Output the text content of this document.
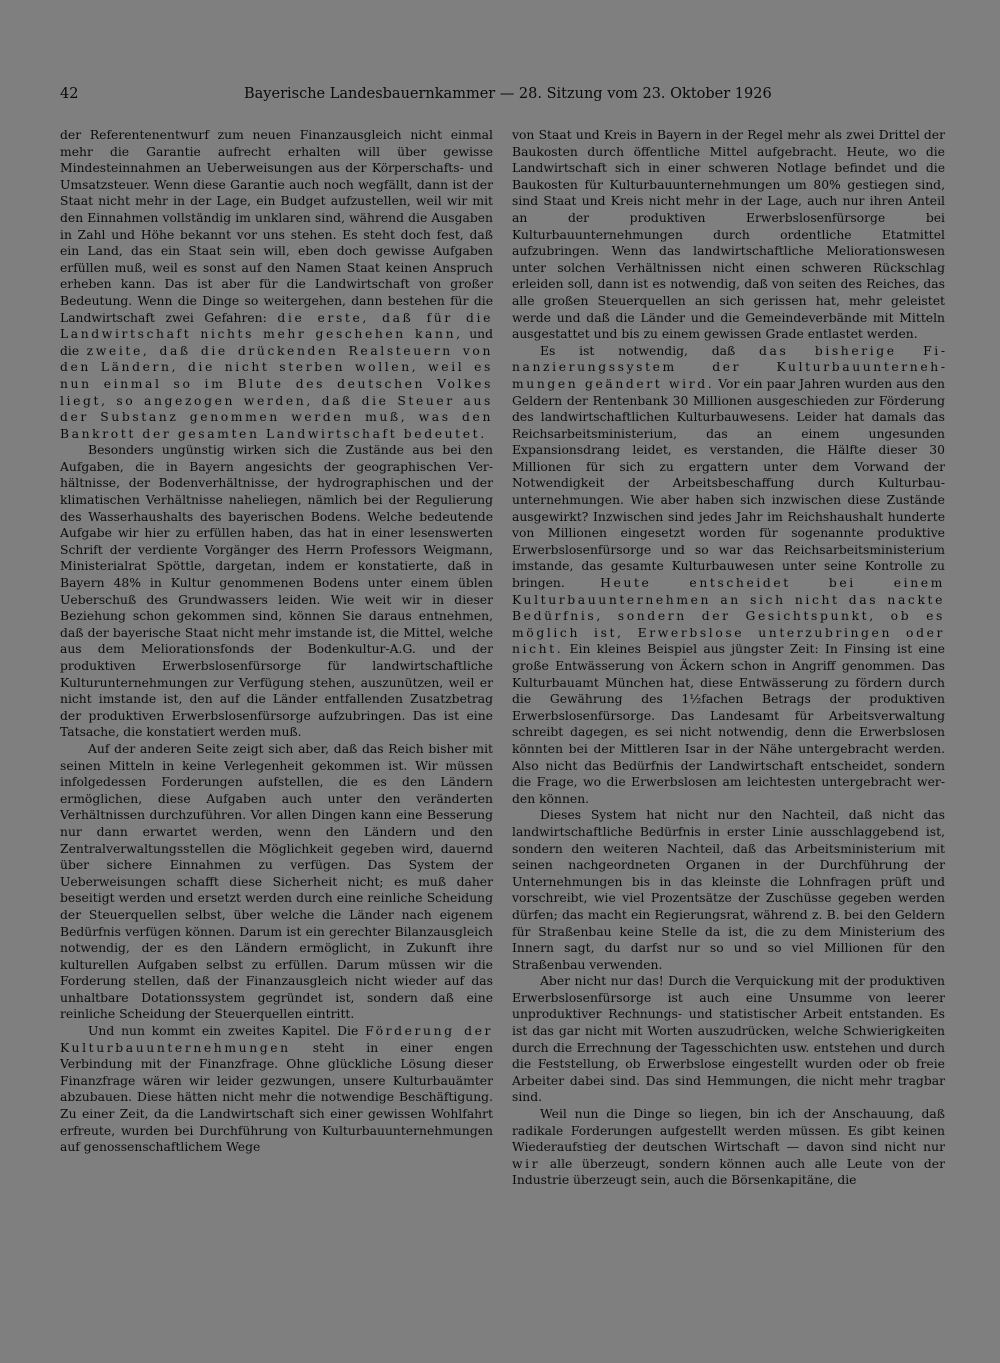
42	Bayerische Landesbauernkammer — 28. Sitzung vom 23. Oktober 1926

der Referentenentwurf zum neuen Finanzausgleich nicht einmal mehr die Garantie aufrecht erhalten will über gewisse Mindesteinnahmen an Ueberweisungen aus der Körperschafts- und Umsatzsteuer. Wenn diese Garantie auch noch wegfällt, dann ist der Staat nicht mehr in der Lage, ein Budget aufzustellen, weil wir mit den Einnahmen vollständig im unklaren sind, während die Ausgaben in Zahl und Höhe bekannt vor uns stehen. Es steht doch fest, daß ein Land, das ein Staat sein will, eben doch gewisse Aufgaben erfüllen muß, weil es sonst auf den Namen Staat keinen Anspruch erheben kann. Das ist aber für die Landwirtschaft von großer Bedeutung. Wenn die Dinge so weitergehen, dann bestehen für die Landwirtschaft zwei Gefahren: die erste, daß für die Landwirtschaft nichts mehr geschehen kann, und die zweite, daß die drückenden Realsteuern von den Ländern, die nicht sterben wollen, weil es nun einmal so im Blute des deutschen Volkes liegt, so angezogen werden, daß die Steuer aus der Substanz genommen werden muß, was den Bankrott der gesamten Landwirtschaft bedeutet.

Besonders ungünstig wirken sich die Zustände aus bei den Aufgaben, die in Bayern angesichts der geographischen Verhältnisse, der Bodenverhältnisse, der hydrographischen und der klimatischen Verhältnisse naheliegen, nämlich bei der Regulierung des Wasserhaushalts des bayerischen Bodens. Welche bedeutende Aufgabe wir hier zu erfüllen haben, das hat in einer lesenswerten Schrift der verdiente Vorgänger des Herrn Professors Weigmann, Ministerialrat Spöttle, dargetan, indem er konstatierte, daß in Bayern 48% in Kultur genommenen Bodens unter einem üblen Ueberschuß des Grundwassers leiden. Wie weit wir in dieser Beziehung schon gekommen sind, können Sie daraus entnehmen, daß der bayerische Staat nicht mehr imstande ist, die Mittel, welche aus dem Meliorationsfonds der Bodenkultur-A.G. und der produktiven Erwerbslosenfürsorge für landwirtschaftliche Kulturunternehmungen zur Verfügung stehen, auszunützen, weil er nicht imstande ist, den auf die Länder entfallenden Zusatzbetrag der produktiven Erwerbslosenfürsorge aufzubringen. Das ist eine Tatsache, die konstatiert werden muß.

Auf der anderen Seite zeigt sich aber, daß das Reich bisher mit seinen Mitteln in keine Verlegenheit gekommen ist. Wir müssen infolgedessen Forderungen aufstellen, die es den Ländern ermöglichen, diese Aufgaben auch unter den veränderten Verhältnissen durchzuführen. Vor allen Dingen kann eine Besserung nur dann erwartet werden, wenn den Ländern und den Zentralverwaltungsstellen die Möglichkeit gegeben wird, dauernd über sichere Einnahmen zu verfügen. Das System der Ueberweisungen schafft diese Sicherheit nicht; es muß daher beseitigt werden und ersetzt werden durch eine reinliche Scheidung der Steuerquellen selbst, über welche die Länder nach eigenem Bedürfnis verfügen können. Darum ist ein gerechter Bilanzausgleich notwendig, der es den Ländern ermöglicht, in Zukunft ihre kulturellen Aufgaben selbst zu erfüllen. Darum müssen wir die Forderung stellen, daß der Finanzausgleich nicht wieder auf das unhaltbare Dotationssystem gegründet ist, sondern daß eine reinliche Scheidung der Steuerquellen eintritt.

Und nun kommt ein zweites Kapitel. Die Förderung der Kulturbauunternehmungen steht in einer engen Verbindung mit der Finanzfrage. Ohne glückliche Lösung dieser Finanzfrage wären wir leider gezwungen, unsere Kulturbauämter abzubauen. Diese hätten nicht mehr die notwendige Beschäftigung. Zu einer Zeit, da die Landwirtschaft sich einer gewissen Wohlfahrt erfreute, wurden bei Durchführung von Kulturbauunternehmungen auf genossenschaftlichem Wege

von Staat und Kreis in Bayern in der Regel mehr als zwei Drittel der Baukosten durch öffentliche Mittel aufgebracht. Heute, wo die Landwirtschaft sich in einer schweren Notlage befindet und die Baukosten für Kulturbauunternehmungen um 80% gestiegen sind, sind Staat und Kreis nicht mehr in der Lage, auch nur ihren Anteil an der produktiven Erwerbslosenfürsorge bei Kulturbauunternehmungen durch ordentliche Etatmittel aufzubringen. Wenn das landwirtschaftliche Meliorationswesen unter solchen Verhältnissen nicht einen schweren Rückschlag erleiden soll, dann ist es notwendig, daß von seiten des Reiches, das alle großen Steuerquellen an sich gerissen hat, mehr geleistet werde und daß die Länder und die Gemeindeverbände mit Mitteln ausgestattet und bis zu einem gewissen Grade entlastet werden.

Es ist notwendig, daß das bisherige Finanzierungssystem der Kulturbauunternehmungen geändert wird. Vor ein paar Jahren wurden aus den Geldern der Rentenbank 30 Millionen ausgeschieden zur Förderung des landwirtschaftlichen Kulturbauwesens. Leider hat damals das Reichsarbeitsministerium, das an einem ungesunden Expansionsdrang leidet, es verstanden, die Hälfte dieser 30 Millionen für sich zu ergattern unter dem Vorwand der Notwendigkeit der Arbeitsbeschaffung durch Kulturbauunternehmungen. Wie aber haben sich inzwischen diese Zustände ausgewirkt? Inzwischen sind jedes Jahr im Reichshaushalt hunderte von Millionen eingesetzt worden für sogenannte produktive Erwerbslosenfürsorge und so war das Reichsarbeitsministerium imstande, das gesamte Kulturbauwesen unter seine Kontrolle zu bringen.	Heute entscheidet bei einem Kulturbauunternehmen an sich nicht das nackte Bedürfnis, sondern der Gesichtspunkt, ob es möglich ist, Erwerbslose unterzubringen oder nicht. Ein kleines Beispiel aus jüngster Zeit: In Finsing ist eine große Entwässerung von Äckern schon in Angriff genommen. Das Kulturbauamt München hat, diese Entwässerung zu fördern durch die Gewährung des 1½fachen Betrags der produktiven Erwerbslosenfürsorge. Das Landesamt für Arbeitsverwaltung schreibt dagegen, es sei nicht notwendig, denn die Erwerbslosen könnten bei der Mittleren Isar in der Nähe untergebracht werden. Also nicht das Bedürfnis der Landwirtschaft entscheidet, sondern die Frage, wo die Erwerbslosen am leichtesten untergebracht werden können.

Dieses System hat nicht nur den Nachteil, daß nicht das landwirtschaftliche Bedürfnis in erster Linie ausschlaggebend ist, sondern den weiteren Nachteil, daß das Arbeitsministerium mit seinen nachgeordneten Organen in der Durchführung der Unternehmungen bis in das kleinste die Lohnfragen prüft und vorschreibt, wie viel Prozentsätze der Zuschüsse gegeben werden dürfen; das macht ein Regierungsrat, während z. B. bei den Geldern für Straßenbau keine Stelle da ist, die zu dem Ministerium des Innern sagt, du darfst nur so und so viel Millionen für den Straßenbau verwenden.

Aber nicht nur das! Durch die Verquickung mit der produktiven Erwerbslosenfürsorge ist auch eine Unsumme von leerer unproduktiver Rechnungs- und statistischer Arbeit entstanden. Es ist das gar nicht mit Worten auszudrücken, welche Schwierigkeiten durch die Errechnung der Tagesschichten usw. entstehen und durch die Feststellung, ob Erwerbslose eingestellt wurden oder ob freie Arbeiter dabei sind. Das sind Hemmungen, die nicht mehr tragbar sind.

Weil nun die Dinge so liegen, bin ich der Anschauung, daß radikale Forderungen aufgestellt werden müssen. Es gibt keinen Wiederaufstieg der deutschen Wirtschaft — davon sind nicht nur wir alle überzeugt, sondern können auch alle Leute von der Industrie überzeugt sein, auch die Börsenkapitäne, die
